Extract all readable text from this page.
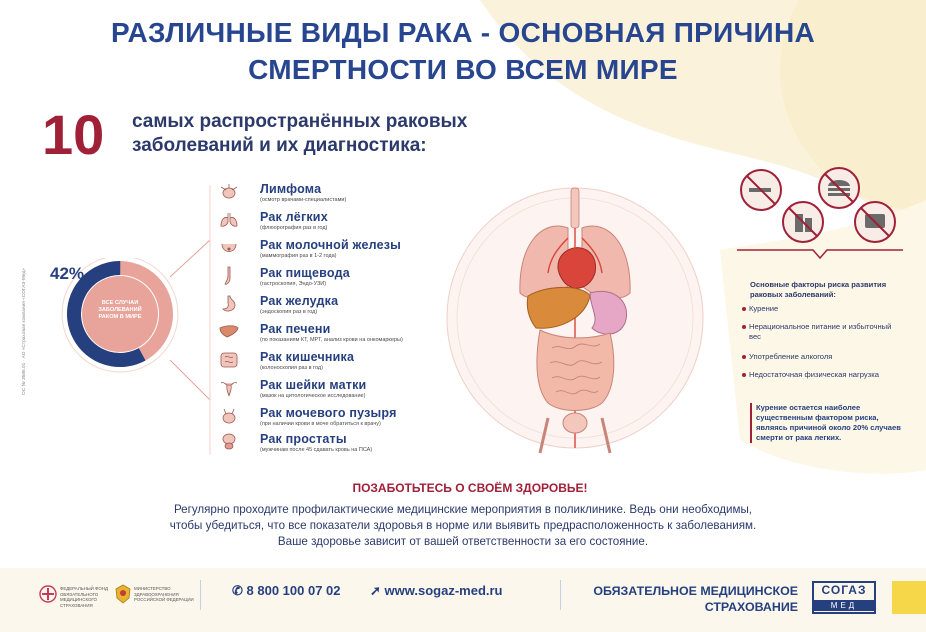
РАЗЛИЧНЫЕ ВИДЫ РАКА - ОСНОВНАЯ ПРИЧИНА
СМЕРТНОСТИ ВО ВСЕМ МИРЕ
10 самых распространённых раковых
заболеваний и их диагностика:
42%
ВСЕ СЛУЧАИ ЗАБОЛЕВАНИЙ РАКОМ В МИРЕ
Лимфома
(осмотр врачами-специалистами)
Рак лёгких
(флюорография раз в год)
Рак молочной железы
(маммография раз в 1-2 года)
Рак пищевода
(гастроскопия, Эндо-УЗИ)
Рак желудка
(эндоскопия раз в год)
Рак печени
(по показаниям КТ, МРТ, анализ крови на онкомаркеры)
Рак кишечника
(колоноскопия раз в год)
Рак шейки матки
(мазок на цитологическое исследование)
Рак мочевого пузыря
(при наличии крови в моче обратиться к врачу)
Рак простаты
(мужчинам после 45 сдавать кровь на ПСА)
Основные факторы риска развития раковых заболеваний:
Курение
Нерациональное питание и избыточный вес
Употребление алкоголя
Недостаточная физическая нагрузка
Курение остается наиболее существенным фактором риска, являясь причиной около 20% случаев смерти от рака легких.
ПОЗАБОТЬТЕСЬ О СВОЁМ ЗДОРОВЬЕ!
Регулярно проходите профилактические медицинские мероприятия в поликлинике. Ведь они необходимы,
чтобы убедиться, что все показатели здоровья в норме или выявить предрасположенность к заболеваниям.
Ваше здоровье зависит от вашей ответственности за его состояние.
ОС № 3586.01 · АО «Страховая компания «СОГАЗ-Мед»
ФЕДЕРАЛЬНЫЙ ФОНД ОБЯЗАТЕЛЬНОГО МЕДИЦИНСКОГО СТРАХОВАНИЯ
МИНИСТЕРСТВО ЗДРАВООХРАНЕНИЯ РОССИЙСКОЙ ФЕДЕРАЦИИ
✆ 8 800 100 07 02 ➚ www.sogaz-med.ru	ОБЯЗАТЕЛЬНОЕ МЕДИЦИНСКОЕ
СТРАХОВАНИЕ
СОГАЗ
МЕД
